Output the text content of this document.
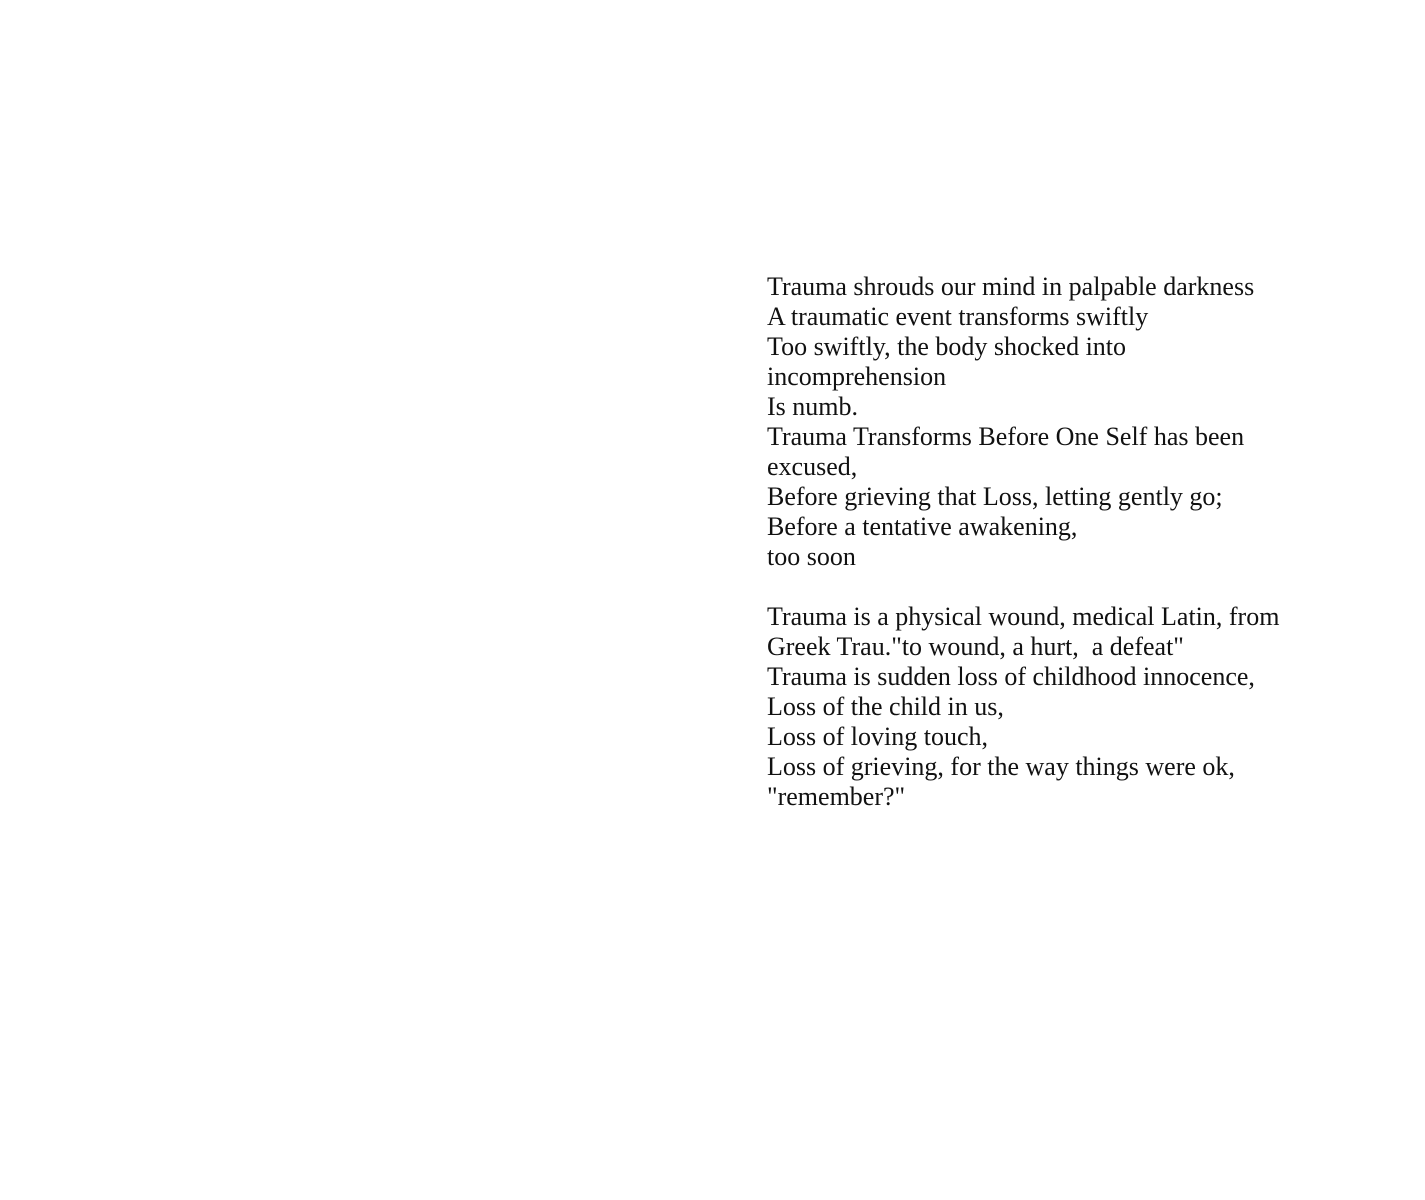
Trauma shrouds our mind in palpable darkness
A traumatic event transforms swiftly
Too swiftly, the body shocked into
incomprehension
Is numb.
Trauma Transforms Before One Self has been
excused,
Before grieving that Loss, letting gently go;
Before a tentative awakening,
too soon
Trauma is a physical wound, medical Latin, from
Greek Trau."to wound, a hurt,  a defeat"
Trauma is sudden loss of childhood innocence,
Loss of the child in us,
Loss of loving touch,
Loss of grieving, for the way things were ok,
"remember?"
